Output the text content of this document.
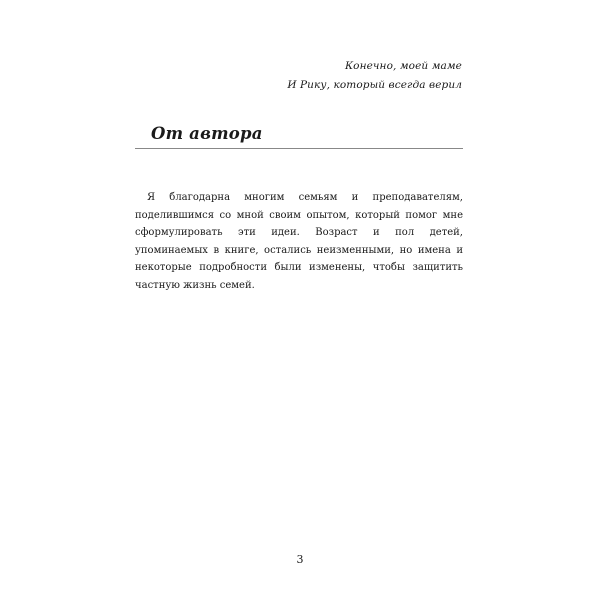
Конечно, моей маме
И Рику, который всегда верил
От автора

Я благодарна многим семьям и преподавателям, поделившимся со мной своим опытом, который помог мне сформулировать эти идеи. Возраст и пол детей, упоминаемых в книге, остались неизменными, но имена и некоторые подробности были изменены, чтобы защитить частную жизнь семей.

3
